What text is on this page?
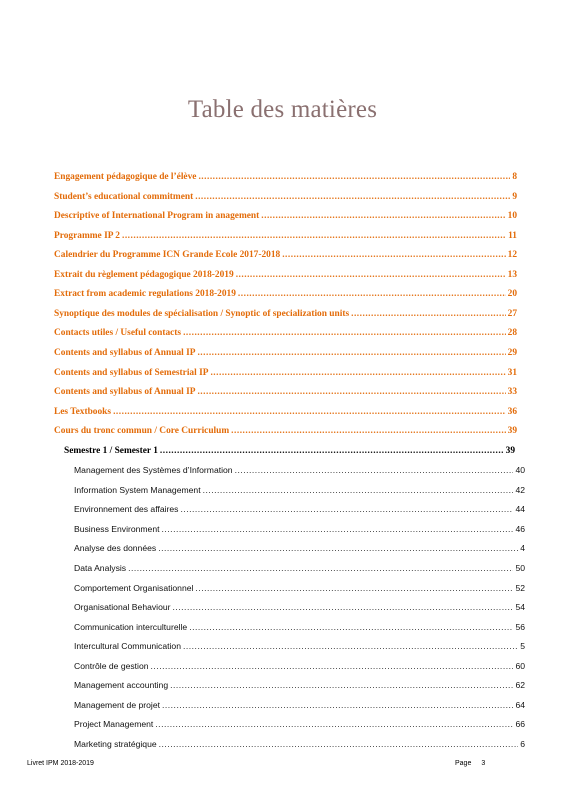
Table des matières
Engagement pédagogique de l’élève .....	8
Student’s educational commitment .....	9
Descriptive of International Program in anagement .....	10
Programme IP 2 .....	11
Calendrier du Programme ICN Grande Ecole 2017-2018 .....	12
Extrait du règlement pédagogique 2018-2019 .....	13
Extract from academic regulations 2018-2019 .....	20
Synoptique des modules de spécialisation / Synoptic of specialization units .....	27
Contacts utiles / Useful contacts .....	28
Contents and syllabus of Annual IP .....	29
Contents and syllabus of Semestrial IP .....	31
Contents and syllabus of Annual IP .....	33
Les Textbooks .....	36
Cours du tronc commun / Core Curriculum .....	39
Semestre 1 / Semester 1 .....	39
Management des Systèmes d’Information .....	40
Information System Management .....	42
Environnement des affaires .....	44
Business Environment .....	46
Analyse des données .....	4
Data Analysis .....	50
Comportement Organisationnel .....	52
Organisational Behaviour .....	54
Communication interculturelle .....	56
Intercultural Communication .....	5
Contrôle de gestion .....	60
Management accounting .....	62
Management de projet .....	64
Project Management .....	66
Marketing stratégique .....	6
Livret IPM 2018-2019	Page 3
